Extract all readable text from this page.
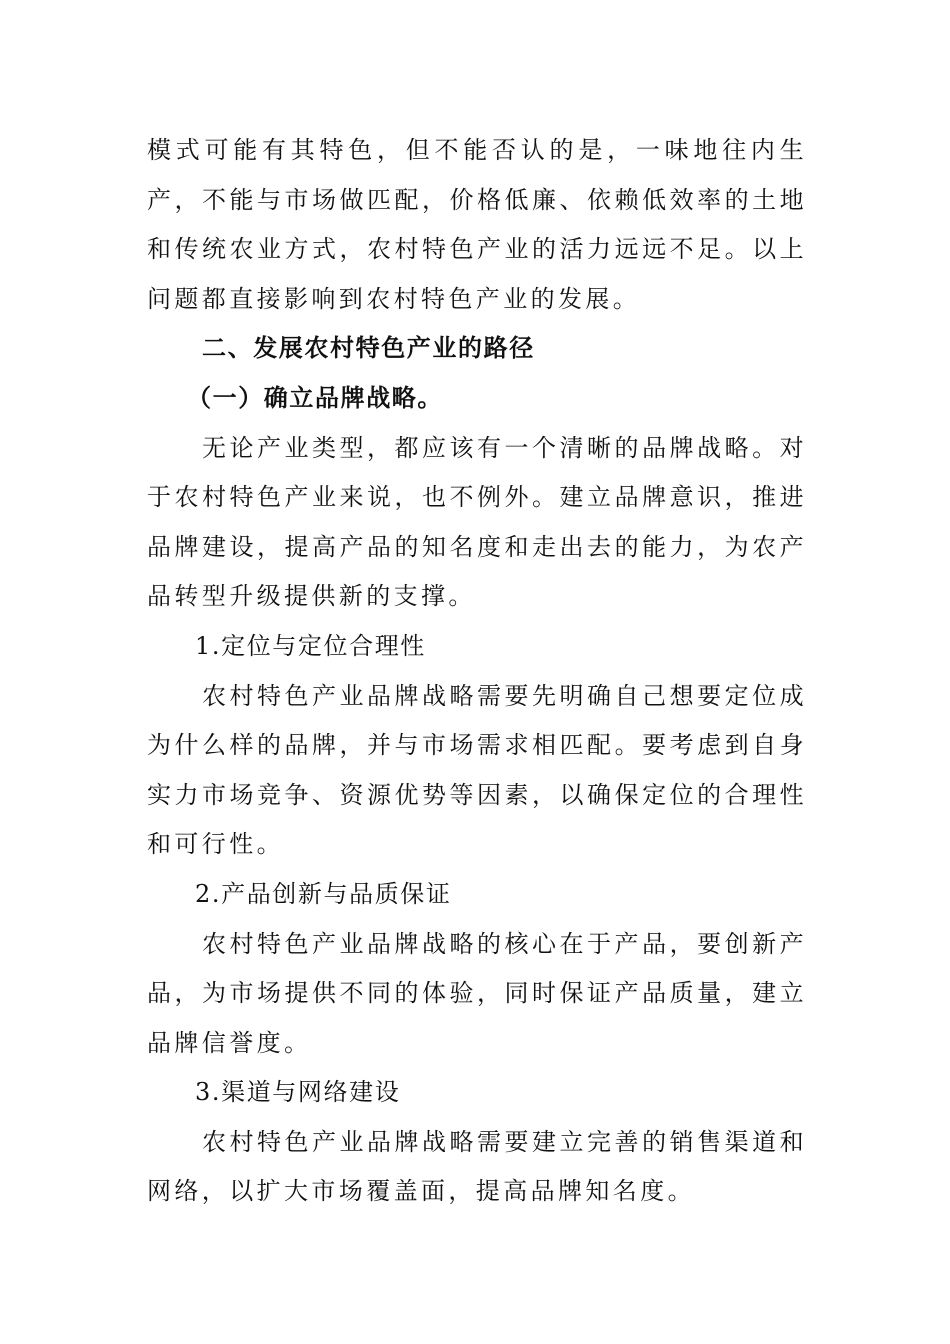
模式可能有其特色，但不能否认的是，一味地往内生产，不能与市场做匹配，价格低廉、依赖低效率的土地和传统农业方式，农村特色产业的活力远远不足。以上问题都直接影响到农村特色产业的发展。

二、发展农村特色产业的路径

（一）确立品牌战略。

无论产业类型，都应该有一个清晰的品牌战略。对于农村特色产业来说，也不例外。建立品牌意识，推进品牌建设，提高产品的知名度和走出去的能力，为农产品转型升级提供新的支撑。

1.定位与定位合理性

农村特色产业品牌战略需要先明确自己想要定位成为什么样的品牌，并与市场需求相匹配。要考虑到自身实力市场竞争、资源优势等因素，以确保定位的合理性和可行性。

2.产品创新与品质保证

农村特色产业品牌战略的核心在于产品，要创新产品，为市场提供不同的体验，同时保证产品质量，建立品牌信誉度。

3.渠道与网络建设

农村特色产业品牌战略需要建立完善的销售渠道和网络，以扩大市场覆盖面，提高品牌知名度。
